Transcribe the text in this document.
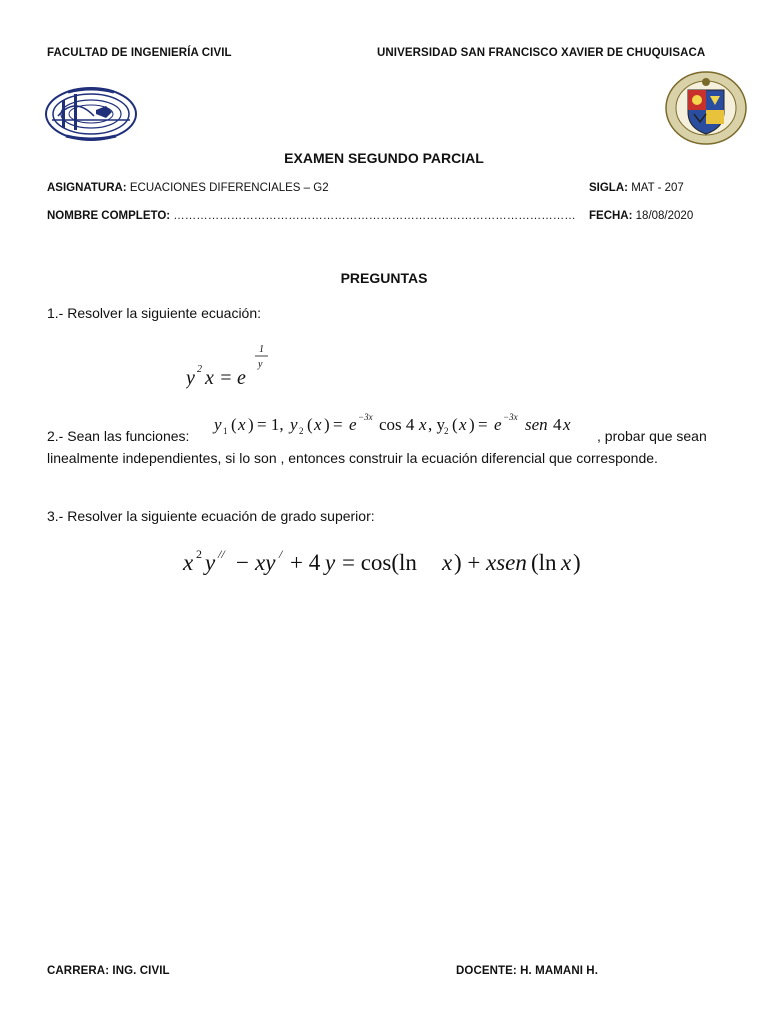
FACULTAD DE INGENIERÍA CIVIL	UNIVERSIDAD SAN FRANCISCO XAVIER DE CHUQUISACA
EXAMEN SEGUNDO PARCIAL
ASIGNATURA: ECUACIONES DIFERENCIALES – G2	SIGLA: MAT - 207
NOMBRE COMPLETO: …………………………………………………………………………………………… FECHA: 18/08/2020
PREGUNTAS
1.- Resolver la siguiente ecuación:
y 2 x = e
1
y
2.- Sean las funciones:
y 1 ( x ) = 1, y 2 ( x ) = e −3x cos 4 x , y 2 ( x ) = e −3x sen 4 x
, probar que sean
linealmente independientes, si lo son , entonces construir la ecuación diferencial que corresponde.
3.- Resolver la siguiente ecuación de grado superior:
x 2 y // − xy / + 4 y = cos(ln x ) + xsen (ln x )
CARRERA: ING. CIVIL	DOCENTE: H. MAMANI H.
